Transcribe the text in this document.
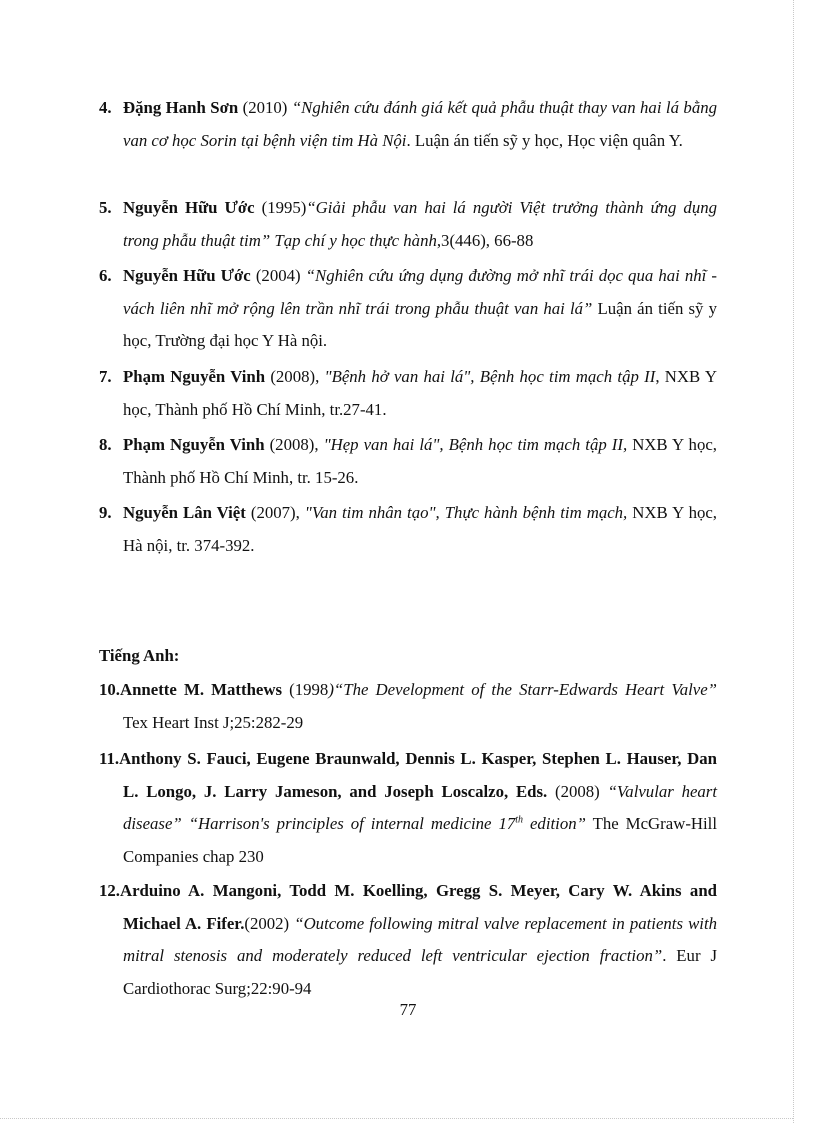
4. Đặng Hanh Sơn (2010) “Nghiên cứu đánh giá kết quả phẫu thuật thay van hai lá bằng van cơ học Sorin tại bệnh viện tim Hà Nội. Luận án tiến sỹ y học, Học viện quân Y.

5. Nguyễn Hữu Ước (1995)“Giải phẫu van hai lá người Việt trưởng thành ứng dụng trong phẫu thuật tim” Tạp chí y học thực hành,3(446), 66-88

6. Nguyễn Hữu Ước (2004) “Nghiên cứu ứng dụng đường mở nhĩ trái dọc qua hai nhĩ - vách liên nhĩ mở rộng lên trần nhĩ trái trong phẫu thuật van hai lá” Luận án tiến sỹ y học, Trường đại học Y Hà nội.

7. Phạm Nguyễn Vinh (2008), "Bệnh hở van hai lá", Bệnh học tim mạch tập II, NXB Y học, Thành phố Hồ Chí Minh, tr.27-41.

8. Phạm Nguyễn Vinh (2008), "Hẹp van hai lá", Bệnh học tim mạch tập II, NXB Y học, Thành phố Hồ Chí Minh, tr. 15-26.

9. Nguyễn Lân Việt (2007), "Van tim nhân tạo", Thực hành bệnh tim mạch, NXB Y học, Hà nội, tr. 374-392.

Tiếng Anh:

10.Annette M. Matthews (1998)“The Development of the Starr-Edwards Heart Valve” Tex Heart Inst J;25:282-29

11.Anthony S. Fauci, Eugene Braunwald, Dennis L. Kasper, Stephen L. Hauser, Dan L. Longo, J. Larry Jameson, and Joseph Loscalzo, Eds. (2008) “Valvular heart disease” “Harrison's principles of internal medicine 17th edition” The McGraw-Hill Companies chap 230

12.Arduino A. Mangoni, Todd M. Koelling, Gregg S. Meyer, Cary W. Akins and Michael A. Fifer.(2002) “Outcome following mitral valve replacement in patients with mitral stenosis and moderately reduced left ventricular ejection fraction”. Eur J Cardiothorac Surg;22:90-94

77
